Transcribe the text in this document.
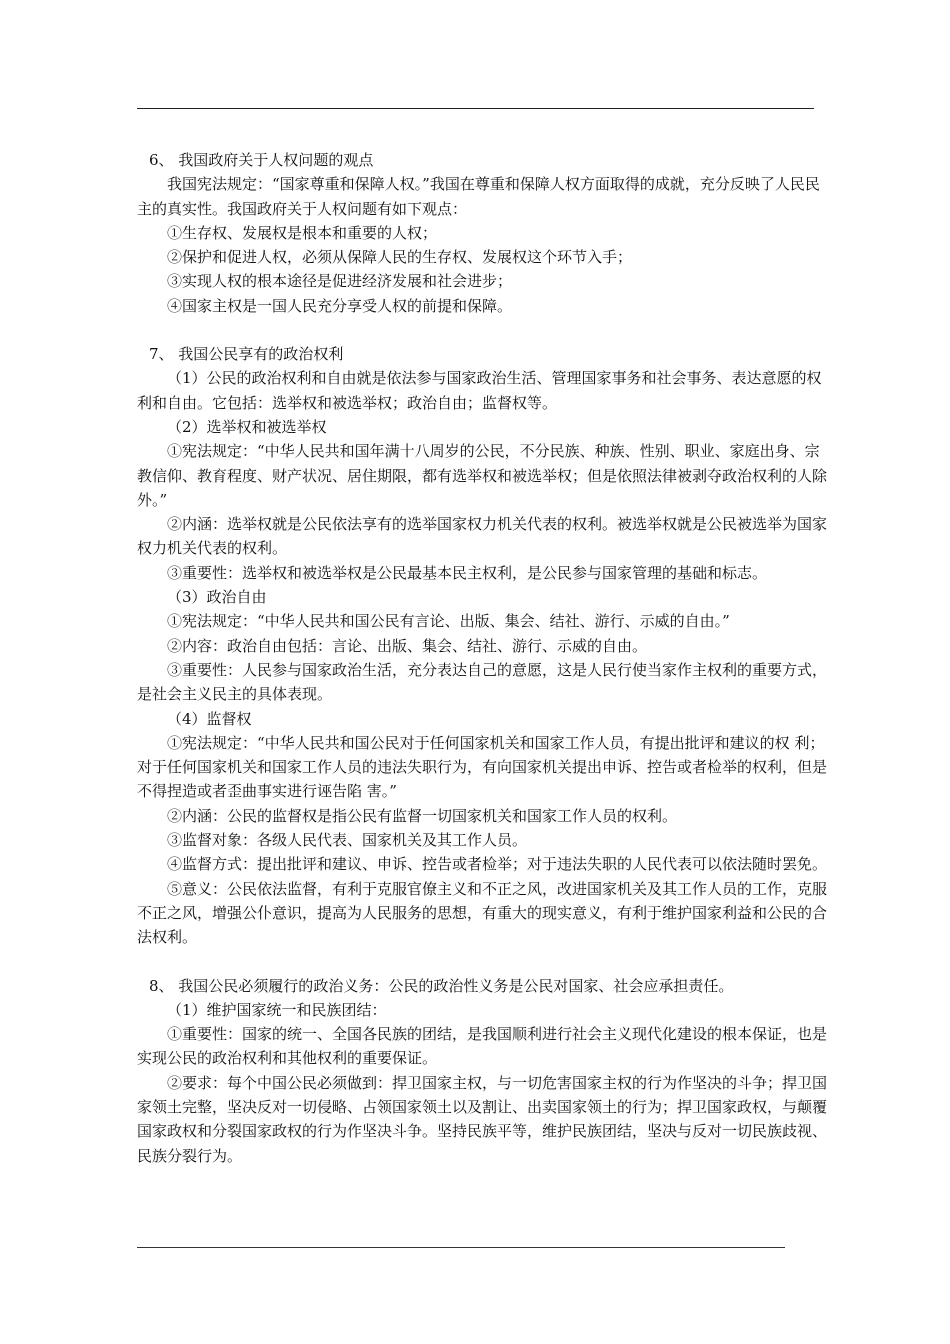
6、 我国政府关于人权问题的观点

我国宪法规定：“国家尊重和保障人权。”我国在尊重和保障人权方面取得的成就，充分反映了人民民主的真实性。我国政府关于人权问题有如下观点：

①生存权、发展权是根本和重要的人权；

②保护和促进人权，必须从保障人民的生存权、发展权这个环节入手；

③实现人权的根本途径是促进经济发展和社会进步；

④国家主权是一国人民充分享受人权的前提和保障。

7、 我国公民享有的政治权利

（1）公民的政治权利和自由就是依法参与国家政治生活、管理国家事务和社会事务、表达意愿的权利和自由。它包括：选举权和被选举权；政治自由；监督权等。

（2）选举权和被选举权

①宪法规定：“中华人民共和国年满十八周岁的公民，不分民族、种族、性别、职业、家庭出身、宗教信仰、教育程度、财产状况、居住期限，都有选举权和被选举权；但是依照法律被剥夺政治权利的人除外。”

②内涵：选举权就是公民依法享有的选举国家权力机关代表的权利。被选举权就是公民被选举为国家权力机关代表的权利。

③重要性：选举权和被选举权是公民最基本民主权利，是公民参与国家管理的基础和标志。

（3）政治自由

①宪法规定：“中华人民共和国公民有言论、出版、集会、结社、游行、示威的自由。”

②内容：政治自由包括：言论、出版、集会、结社、游行、示威的自由。

③重要性：人民参与国家政治生活，充分表达自己的意愿，这是人民行使当家作主权利的重要方式，是社会主义民主的具体表现。

（4）监督权

①宪法规定：“中华人民共和国公民对于任何国家机关和国家工作人员，有提出批评和建议的权 利；对于任何国家机关和国家工作人员的违法失职行为，有向国家机关提出申诉、控告或者检举的权利，但是不得捏造或者歪曲事实进行诬告陷 害。”

②内涵：公民的监督权是指公民有监督一切国家机关和国家工作人员的权利。

③监督对象：各级人民代表、国家机关及其工作人员。

④监督方式：提出批评和建议、申诉、控告或者检举；对于违法失职的人民代表可以依法随时罢免。

⑤意义：公民依法监督，有利于克服官僚主义和不正之风，改进国家机关及其工作人员的工作，克服不正之风，增强公仆意识，提高为人民服务的思想，有重大的现实意义，有利于维护国家利益和公民的合法权利。

8、 我国公民必须履行的政治义务：公民的政治性义务是公民对国家、社会应承担责任。

（1）维护国家统一和民族团结：

①重要性：国家的统一、全国各民族的团结，是我国顺利进行社会主义现代化建设的根本保证，也是实现公民的政治权利和其他权利的重要保证。

②要求：每个中国公民必须做到：捍卫国家主权，与一切危害国家主权的行为作坚决的斗争；捍卫国家领土完整，坚决反对一切侵略、占领国家领土以及割让、出卖国家领土的行为；捍卫国家政权，与颠覆国家政权和分裂国家政权的行为作坚决斗争。坚持民族平等，维护民族团结，坚决与反对一切民族歧视、民族分裂行为。
